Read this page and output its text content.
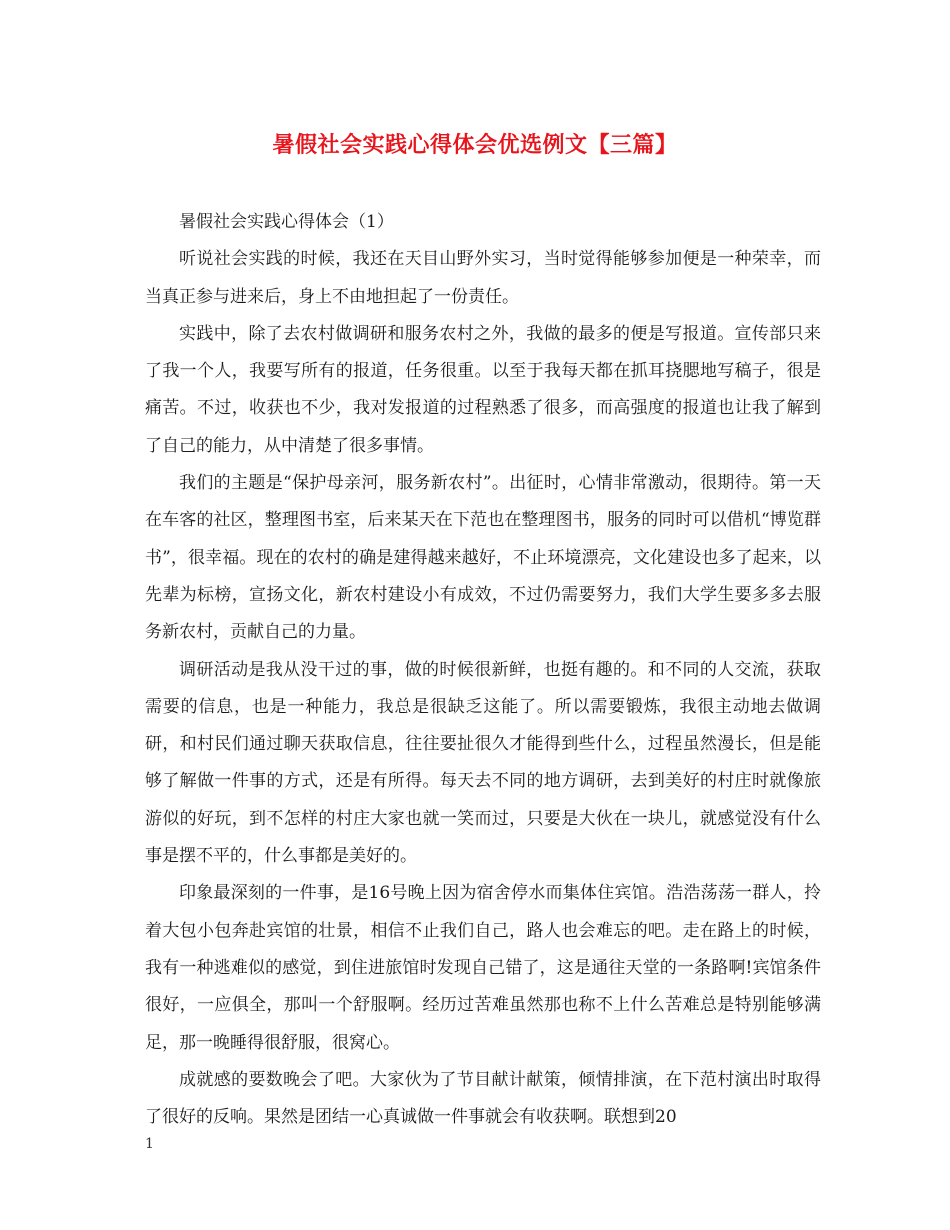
暑假社会实践心得体会优选例文【三篇】

暑假社会实践心得体会（1）

听说社会实践的时候，我还在天目山野外实习，当时觉得能够参加便是一种荣幸，而当真正参与进来后，身上不由地担起了一份责任。

实践中，除了去农村做调研和服务农村之外，我做的最多的便是写报道。宣传部只来了我一个人，我要写所有的报道，任务很重。以至于我每天都在抓耳挠腮地写稿子，很是痛苦。不过，收获也不少，我对发报道的过程熟悉了很多，而高强度的报道也让我了解到了自己的能力，从中清楚了很多事情。

我们的主题是“保护母亲河，服务新农村”。出征时，心情非常激动，很期待。第一天在车客的社区，整理图书室，后来某天在下范也在整理图书，服务的同时可以借机“博览群书”，很幸福。现在的农村的确是建得越来越好，不止环境漂亮，文化建设也多了起来，以先辈为标榜，宣扬文化，新农村建设小有成效，不过仍需要努力，我们大学生要多多去服务新农村，贡献自己的力量。

调研活动是我从没干过的事，做的时候很新鲜，也挺有趣的。和不同的人交流，获取需要的信息，也是一种能力，我总是很缺乏这能了。所以需要锻炼，我很主动地去做调研，和村民们通过聊天获取信息，往往要扯很久才能得到些什么，过程虽然漫长，但是能够了解做一件事的方式，还是有所得。每天去不同的地方调研，去到美好的村庄时就像旅游似的好玩，到不怎样的村庄大家也就一笑而过，只要是大伙在一块儿，就感觉没有什么事是摆不平的，什么事都是美好的。

印象最深刻的一件事，是16号晚上因为宿舍停水而集体住宾馆。浩浩荡荡一群人，拎着大包小包奔赴宾馆的壮景，相信不止我们自己，路人也会难忘的吧。走在路上的时候，我有一种逃难似的感觉，到住进旅馆时发现自己错了，这是通往天堂的一条路啊!宾馆条件很好，一应俱全，那叫一个舒服啊。经历过苦难虽然那也称不上什么苦难总是特别能够满足，那一晚睡得很舒服，很窝心。

成就感的要数晚会了吧。大家伙为了节目献计献策，倾情排演，在下范村演出时取得了很好的反响。果然是团结一心真诚做一件事就会有收获啊。联想到20

1
